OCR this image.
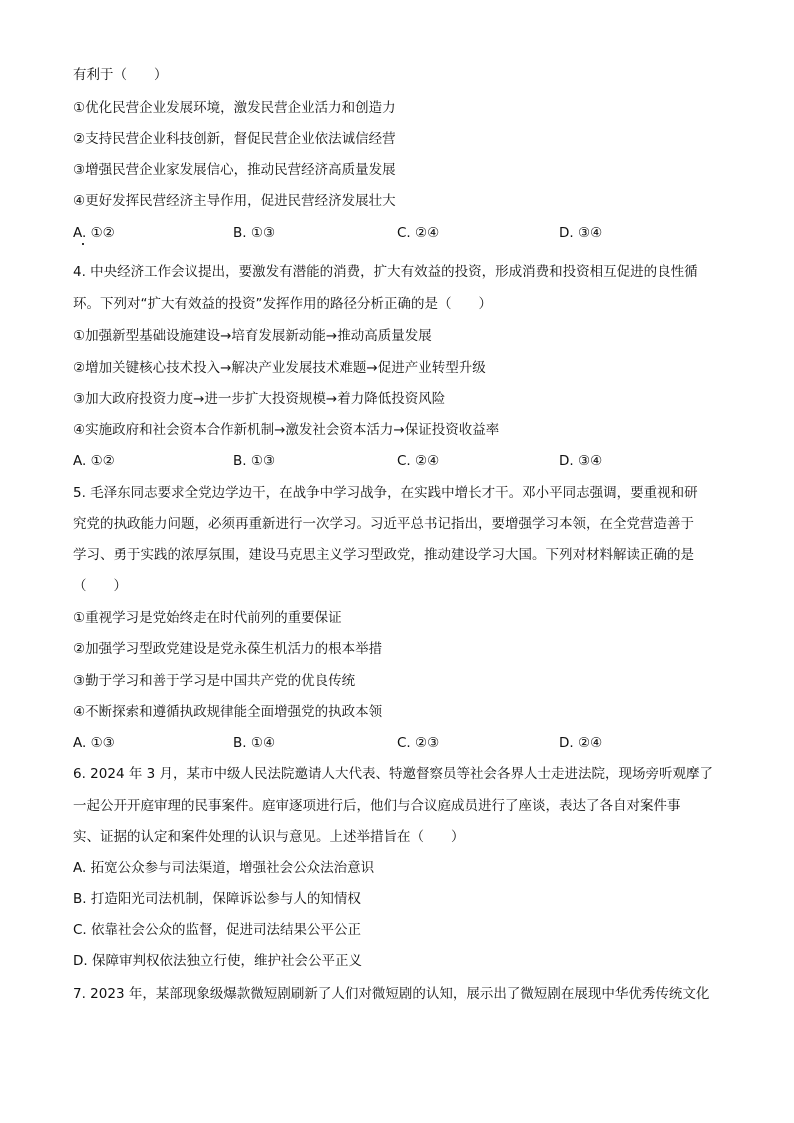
有利于（　　）
①优化民营企业发展环境，激发民营企业活力和创造力
②支持民营企业科技创新，督促民营企业依法诚信经营
③增强民营企业家发展信心，推动民营经济高质量发展
④更好发挥民营经济主导作用，促进民营经济发展壮大
A. ①②	B. ①③	C. ②④	D. ③④
4. 中央经济工作会议提出，要激发有潜能的消费，扩大有效益的投资，形成消费和投资相互促进的良性循
环。下列对“扩大有效益的投资”发挥作用的路径分析正确的是（　　）
①加强新型基础设施建设→培育发展新动能→推动高质量发展
②增加关键核心技术投入→解决产业发展技术难题→促进产业转型升级
③加大政府投资力度→进一步扩大投资规模→着力降低投资风险
④实施政府和社会资本合作新机制→激发社会资本活力→保证投资收益率
A. ①②	B. ①③	C. ②④	D. ③④
5. 毛泽东同志要求全党边学边干，在战争中学习战争，在实践中增长才干。邓小平同志强调，要重视和研
究党的执政能力问题，必须再重新进行一次学习。习近平总书记指出，要增强学习本领，在全党营造善于
学习、勇于实践的浓厚氛围，建设马克思主义学习型政党，推动建设学习大国。下列对材料解读正确的是
（　　）
①重视学习是党始终走在时代前列的重要保证
②加强学习型政党建设是党永葆生机活力的根本举措
③勤于学习和善于学习是中国共产党的优良传统
④不断探索和遵循执政规律能全面增强党的执政本领
A. ①③	B. ①④	C. ②③	D. ②④
6. 2024 年 3 月，某市中级人民法院邀请人大代表、特邀督察员等社会各界人士走进法院，现场旁听观摩了
一起公开开庭审理的民事案件。庭审逐项进行后，他们与合议庭成员进行了座谈，表达了各自对案件事
实、证据的认定和案件处理的认识与意见。上述举措旨在（　　）
A. 拓宽公众参与司法渠道，增强社会公众法治意识
B. 打造阳光司法机制，保障诉讼参与人的知情权
C. 依靠社会公众的监督，促进司法结果公平公正
D. 保障审判权依法独立行使，维护社会公平正义
7. 2023 年，某部现象级爆款微短剧刷新了人们对微短剧的认知，展示出了微短剧在展现中华优秀传统文化
